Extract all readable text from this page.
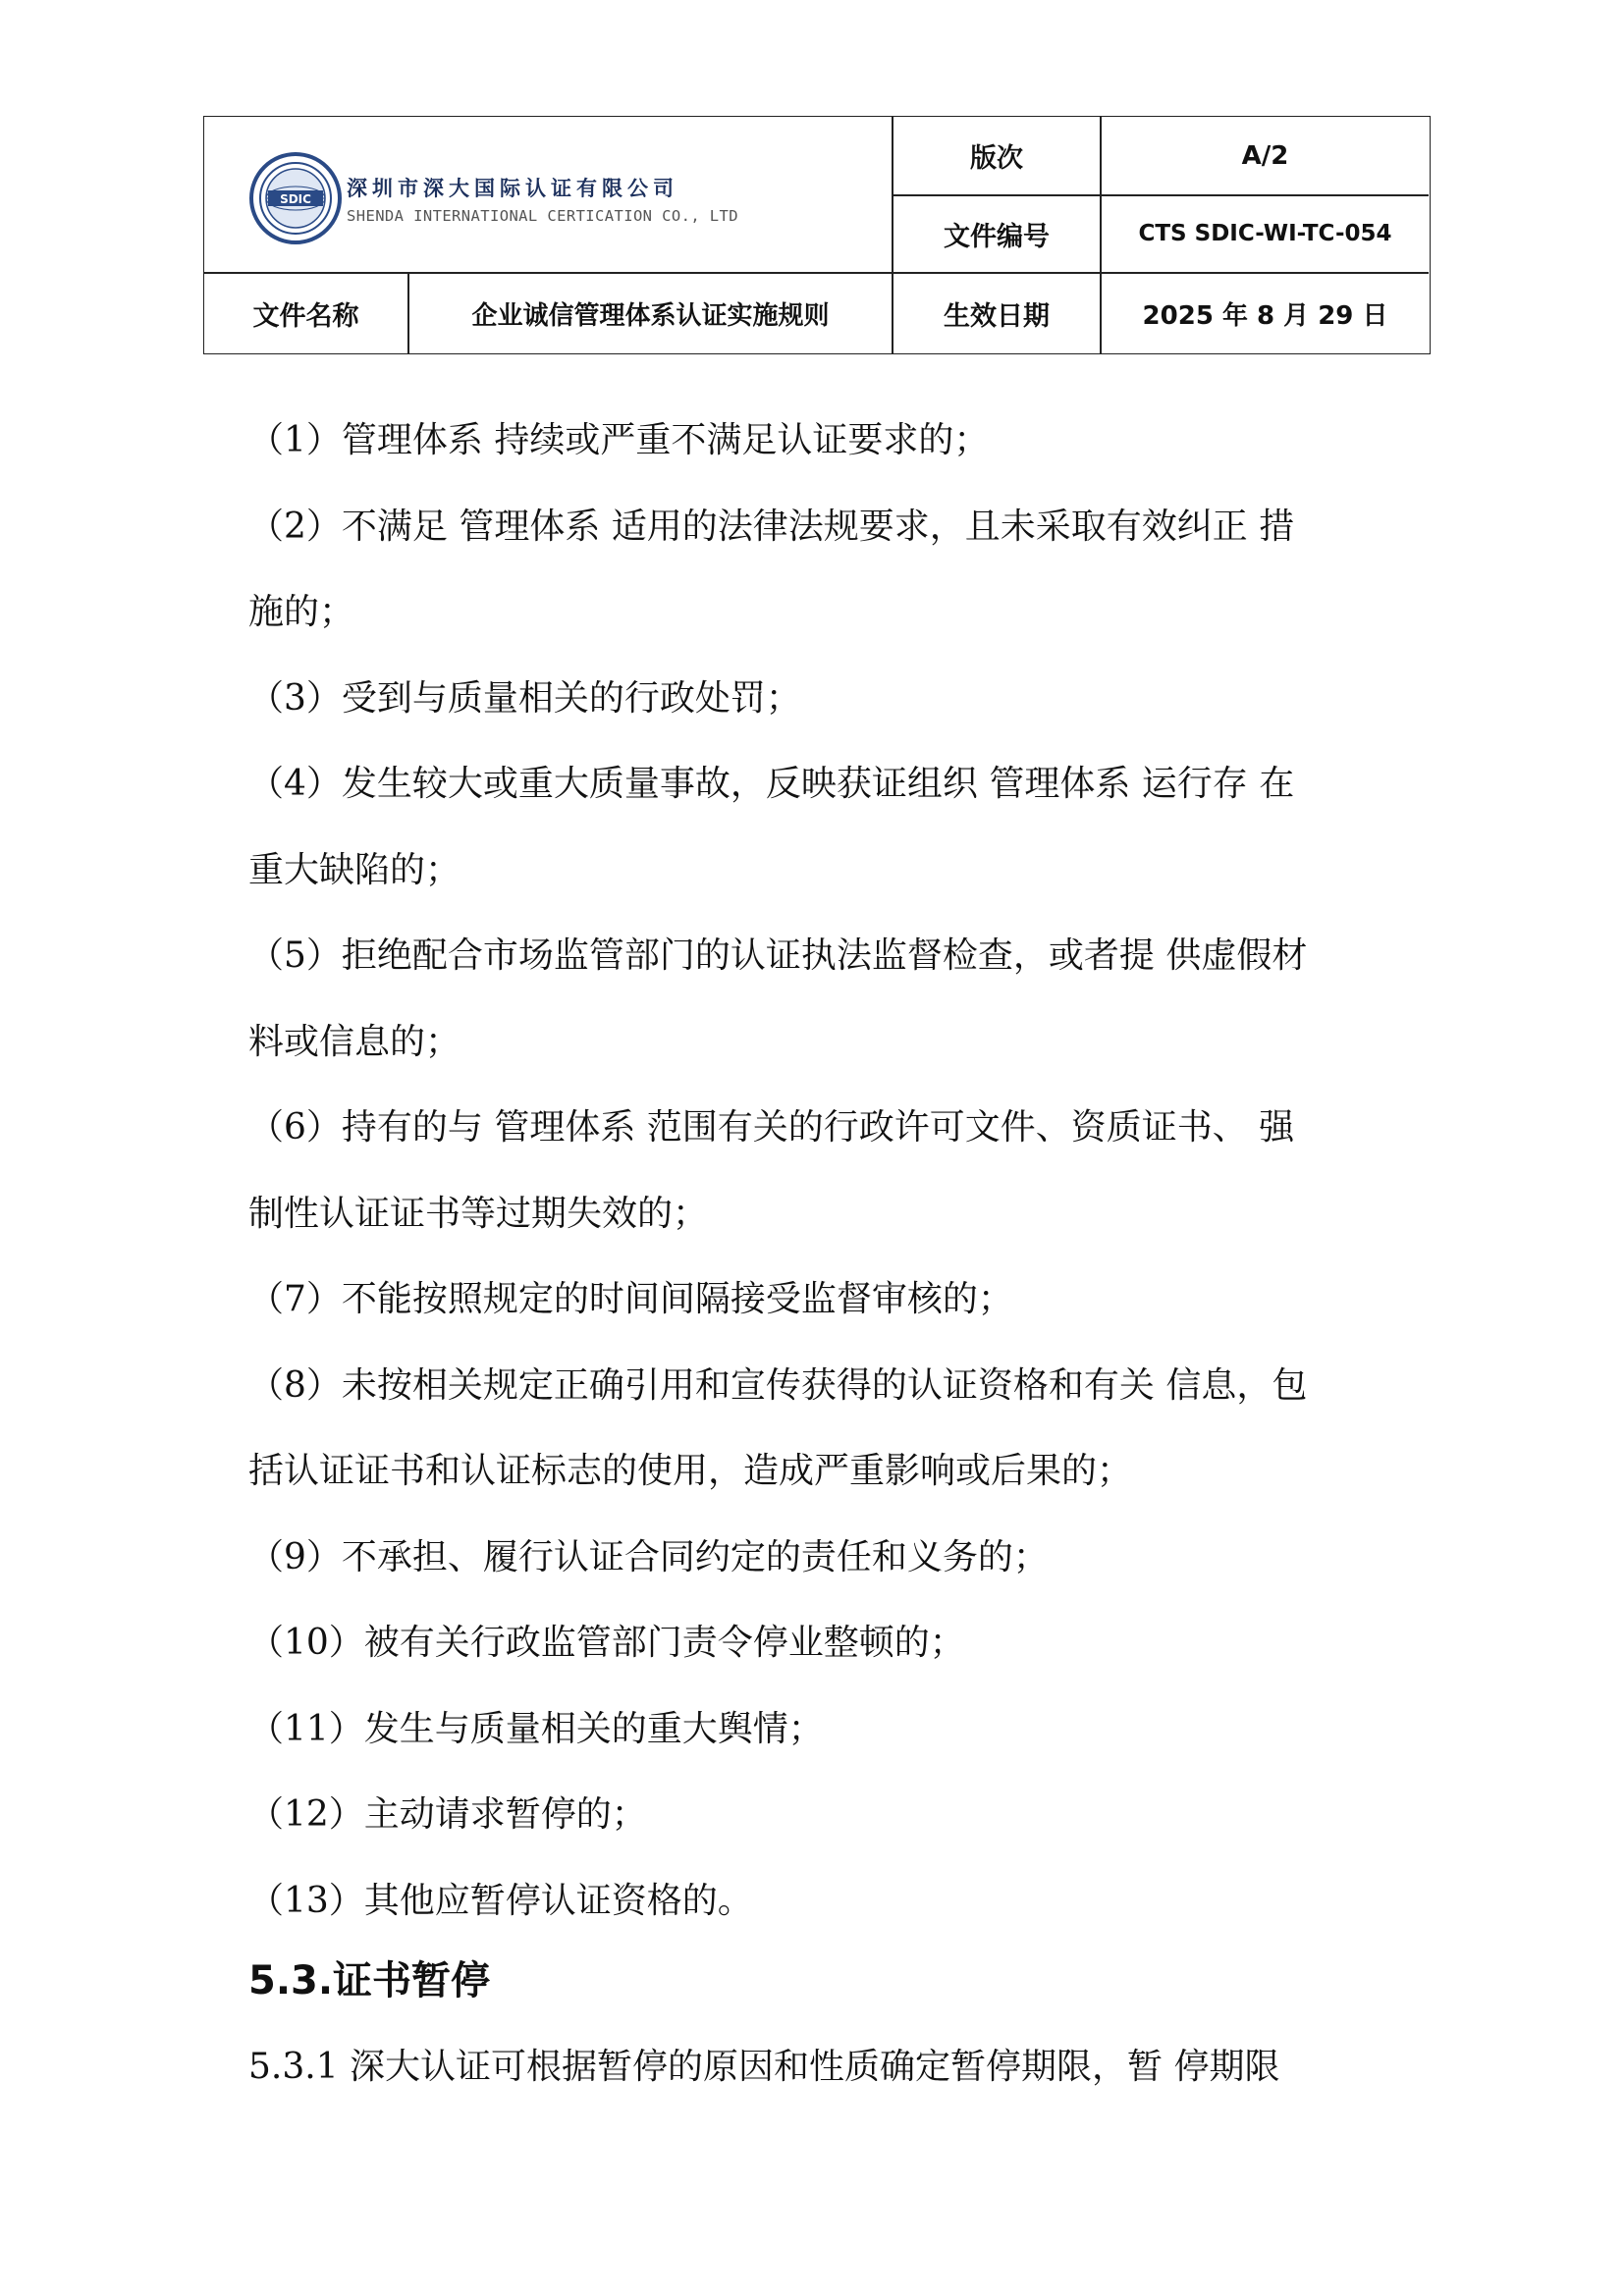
SDIC 深圳市深大国际认证有限公司
SHENDA INTERNATIONAL CERTICATION CO., LTD
版次	A/2
文件编号	CTS SDIC-WI-TC-054
文件名称	企业诚信管理体系认证实施规则	生效日期	2025 年 8 月 29 日

（1）管理体系 持续或严重不满足认证要求的；

（2）不满足 管理体系 适用的法律法规要求，且未采取有效纠正 措

施的；

（3）受到与质量相关的行政处罚；

（4）发生较大或重大质量事故，反映获证组织 管理体系 运行存 在

重大缺陷的；

（5）拒绝配合市场监管部门的认证执法监督检查，或者提 供虚假材

料或信息的；

（6）持有的与 管理体系 范围有关的行政许可文件、资质证书、 强

制性认证证书等过期失效的；

（7）不能按照规定的时间间隔接受监督审核的；

（8）未按相关规定正确引用和宣传获得的认证资格和有关 信息，包

括认证证书和认证标志的使用，造成严重影响或后果的；

（9）不承担、履行认证合同约定的责任和义务的；

（10）被有关行政监管部门责令停业整顿的；

（11）发生与质量相关的重大舆情；

（12）主动请求暂停的；

（13）其他应暂停认证资格的。

5.3.证书暂停

5.3.1 深大认证可根据暂停的原因和性质确定暂停期限，暂 停期限
